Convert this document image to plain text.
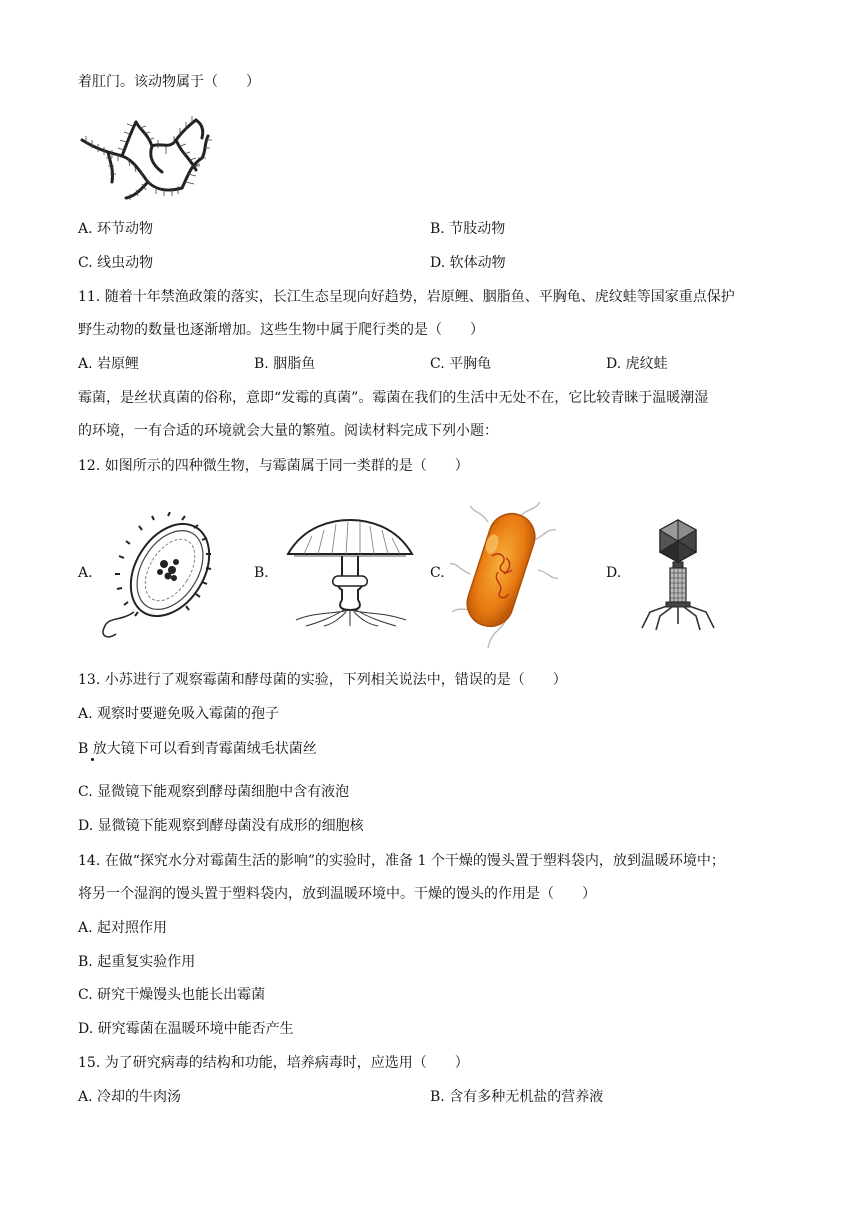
着肛门。该动物属于（　　）
A. 环节动物	B. 节肢动物
C. 线虫动物	D. 软体动物
11. 随着十年禁渔政策的落实，长江生态呈现向好趋势，岩原鲤、胭脂鱼、平胸龟、虎纹蛙等国家重点保护
野生动物的数量也逐渐增加。这些生物中属于爬行类的是（　　）
A. 岩原鲤	B. 胭脂鱼	C. 平胸龟	D. 虎纹蛙
霉菌，是丝状真菌的俗称，意即“发霉的真菌”。霉菌在我们的生活中无处不在，它比较青睐于温暖潮湿
的环境，一有合适的环境就会大量的繁殖。阅读材料完成下列小题：
12. 如图所示的四种微生物，与霉菌属于同一类群的是（　　）
A.	B.	C.	D.
13. 小苏进行了观察霉菌和酵母菌的实验，下列相关说法中，错误的是（　　）
A. 观察时要避免吸入霉菌的孢子
B 放大镜下可以看到青霉菌绒毛状菌丝
C. 显微镜下能观察到酵母菌细胞中含有液泡
D. 显微镜下能观察到酵母菌没有成形的细胞核
14. 在做“探究水分对霉菌生活的影响”的实验时，准备 1 个干燥的馒头置于塑料袋内，放到温暖环境中；
将另一个湿润的馒头置于塑料袋内，放到温暖环境中。干燥的馒头的作用是（　　）
A. 起对照作用
B. 起重复实验作用
C. 研究干燥馒头也能长出霉菌
D. 研究霉菌在温暖环境中能否产生
15. 为了研究病毒的结构和功能，培养病毒时，应选用（　　）
A. 冷却的牛肉汤	B. 含有多种无机盐的营养液
